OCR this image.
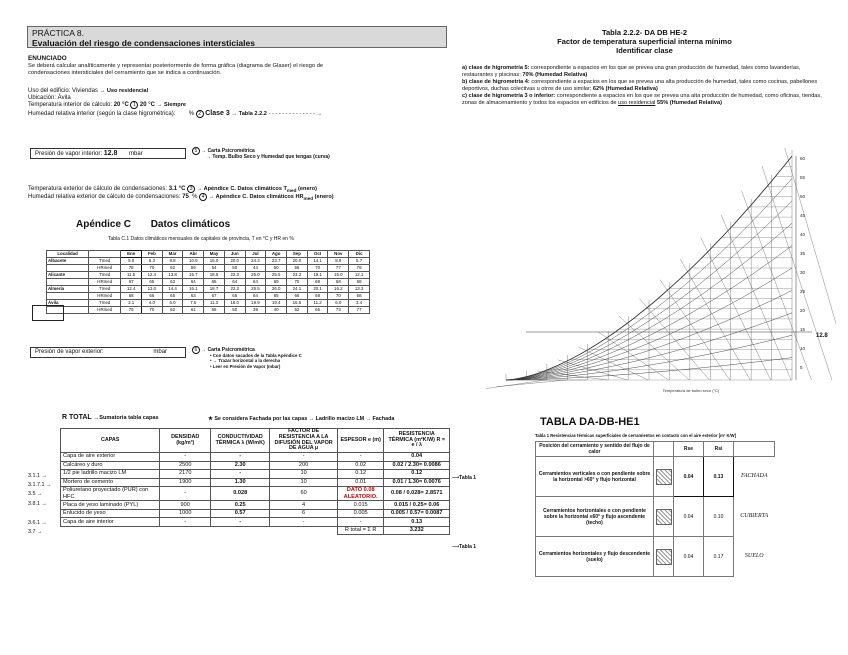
PRÁCTICA 8.
Evaluación del riesgo de condensaciones intersticiales
ENUNCIADO
Se deberá calcular analíticamente y representar posteriormente de forma gráfica (diagrama de Glaser) el riesgo de
condensaciones intersticiales del cerramiento que se indica a continuación.
Uso del edificio: Viviendas → Uso residencial
Ubicación: Ávila
Temperatura interior de cálculo: 20 °C 1 20 °C → Siempre
Humedad relativa interior (según la clase higrométrica): % 2 Clase 3 → Tabla 2.2.2 - - - - - - - - - - - - - - →
Presión de vapor interior: 12.8 mbar	5 → Carta Psicrométrica
→ Temp. Bulbo Seco y Humedad que tengas (curva)
Temperatura exterior de cálculo de condensaciones: 3.1 °C 3 → Apéndice C. Datos climáticos $T_{med}$ (enero)
Humedad relativa exterior de cálculo de condensaciones: 75 % 4 → Apéndice C. Datos climáticos $HR_{med}$ (enero)
Apéndice C Datos climáticos
Tabla C.1 Datos climáticos mensuales de capitales de provincia, T en °C y HR en %
Localidad		Ene	Feb	Mar	Abr	May	Jun	Jul	Ago	Sep	Oct	Nov	Dic
Albacete	Tmed	5.0	6.3	8.8	10.9	15.0	20.0	24.3	23.7	20.0	14.1	8.9	5.7
	HRmed	78	70	62	59	54	50	44	50	56	70	77	78
Alicante	Tmed	11.5	12.4	13.8	15.7	18.5	22.3	25.0	25.5	23.2	19.1	15.0	12.1
	HRmed	67	65	63	64	65	64	64	69	70	69	68	68
Almería	Tmed	12.4	13.0	14.4	16.1	18.7	22.3	25.5	26.0	24.1	20.1	16.2	13.3
	HRmed	68	66	65	63	67	65	64	65	66	68	70	68
Ávila	Tmed	3.1	4.0	6.0	7.5	11.3	16.0	19.9	19.4	16.5	11.2	6.0	3.4
	HRmed	75	70	62	61	55	50	39	40	52	65	73	77
Presión de vapor exterior:	mbar	6 → Carta Psicrométrica
• Con datos sacados de la Tabla Apéndice C
• → Trazar horizontal a la derecha
• Leer en Presión de Vapor (mbar)
Tabla 2.2.2- DA DB HE-2
Factor de temperatura superficial interna mínimo
Identificar clase
a) clase de higrometría 5: correspondiente a espacios en los que se prevea una gran producción de humedad, tales como lavanderías, restaurantes y piscinas; 70% (Humedad Relativa)
b) clase de higrometría 4: correspondiente a espacios en los que se prevea una alta producción de humedad, tales como cocinas, pabellones deportivos, duchas colectivas u otros de uso similar; 62% (Humedad Relativa)
c) clase de higrometría 3 o inferior: correspondiente a espacios en los que se prevea una alta producción de humedad, como oficinas, tiendas, zonas de almacenamiento y todos los espacios en edificios de uso residencial 55% (Humedad Relativa)
60
55
50
45
40
35
30
25
20
15
10
5
12.8
Temperatura de bulbo seco (°C)
R TOTAL →Sumatoria tabla capas	★ Se considera Fachada por las capas → Ladrillo macizo LM → Fachada
CAPAS	DENSIDAD (kg/m³)	CONDUCTIVIDAD TÉRMICA λ (W/mK)	FACTOR DE RESISTENCIA A LA DIFUSIÓN DEL VAPOR DE AGUA μ	ESPESOR e (m)	RESISTENCIA TÉRMICA (m²K/W) R = e / λ
Capa de aire exterior	-	-	-	-	0.04
Calcáreo y duro	2500	2.30	200	0.02	0.02 / 2.30= 0.0086
1/2 pie ladrillo macizo LM	2170	-	10	0.12	0.12
Mortero de cemento	1900	1.30	10	0.01	0.01 / 1.30= 0.0076
Poliuretano proyectado (PUR) con HFC	-	0.028	60	DATO 0.08 ALEATORIO.	0.08 / 0.028= 2.8571
Placa de yeso laminado (PYL)	900	0.25	4	0.015	0.015 / 0.25= 0.06
Enlucido de yeso	1000	0.57	6	0.005	0.005 / 0.57= 0.0087
Capa de aire interior	-	-	-	-	0.13
				R total = Σ R	3.232
3.1.1 →
3.1.7.1 →
3.5 →
3.8.1 →
3.6.1 →
3.7 →
⟶Tabla 1
⟶Tabla 1
TABLA DA-DB-HE1
Tabla 1 Resistencias térmicas superficiales de cerramientos en contacto con el aire exterior [m² K/W]
Posición del cerramiento y sentido del flujo de calor		Rse	Rsi	
Cerramientos verticales o con pendiente sobre la horizontal >60° y flujo horizontal		0.04	0.13	FACHADA
Cerramientos horizontales o con pendiente sobre la horizontal ≤60° y flujo ascendente (techo)		0.04	0.10	CUBIERTA
Cerramientos horizontales y flujo descendente (suelo)		0.04	0.17	SUELO
